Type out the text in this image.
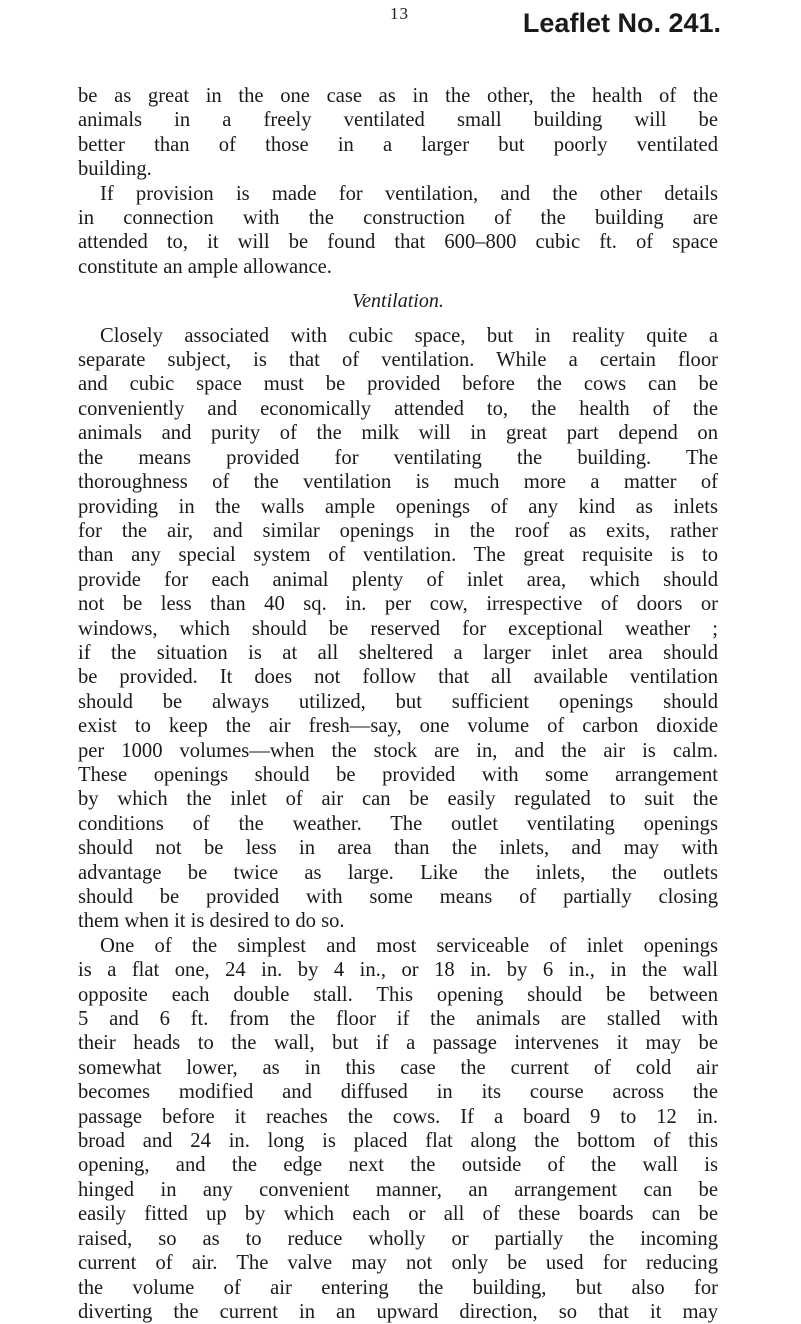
13	Leaflet No. 241.

be as great in the one case as in the other, the health of the
animals in a freely ventilated small building will be
better than of those in a larger but poorly ventilated
building.

If provision is made for ventilation, and the other details
in connection with the construction of the building are
attended to, it will be found that 600–800 cubic ft. of space
constitute an ample allowance.

Ventilation.

Closely associated with cubic space, but in reality quite a
separate subject, is that of ventilation. While a certain floor
and cubic space must be provided before the cows can be
conveniently and economically attended to, the health of the
animals and purity of the milk will in great part depend on
the means provided for ventilating the building. The
thoroughness of the ventilation is much more a matter of
providing in the walls ample openings of any kind as inlets
for the air, and similar openings in the roof as exits, rather
than any special system of ventilation. The great requisite is to
provide for each animal plenty of inlet area, which should
not be less than 40 sq. in. per cow, irrespective of doors or
windows, which should be reserved for exceptional weather ;
if the situation is at all sheltered a larger inlet area should
be provided. It does not follow that all available ventilation
should be always utilized, but sufficient openings should
exist to keep the air fresh—say, one volume of carbon dioxide
per 1000 volumes—when the stock are in, and the air is calm.
These openings should be provided with some arrangement
by which the inlet of air can be easily regulated to suit the
conditions of the weather. The outlet ventilating openings
should not be less in area than the inlets, and may with
advantage be twice as large. Like the inlets, the outlets
should be provided with some means of partially closing
them when it is desired to do so.

One of the simplest and most serviceable of inlet openings
is a flat one, 24 in. by 4 in., or 18 in. by 6 in., in the wall
opposite each double stall. This opening should be between
5 and 6 ft. from the floor if the animals are stalled with
their heads to the wall, but if a passage intervenes it may be
somewhat lower, as in this case the current of cold air
becomes modified and diffused in its course across the
passage before it reaches the cows. If a board 9 to 12 in.
broad and 24 in. long is placed flat along the bottom of this
opening, and the edge next the outside of the wall is
hinged in any convenient manner, an arrangement can be
easily fitted up by which each or all of these boards can be
raised, so as to reduce wholly or partially the incoming
current of air. The valve may not only be used for reducing
the volume of air entering the building, but also for
diverting the current in an upward direction, so that it may
